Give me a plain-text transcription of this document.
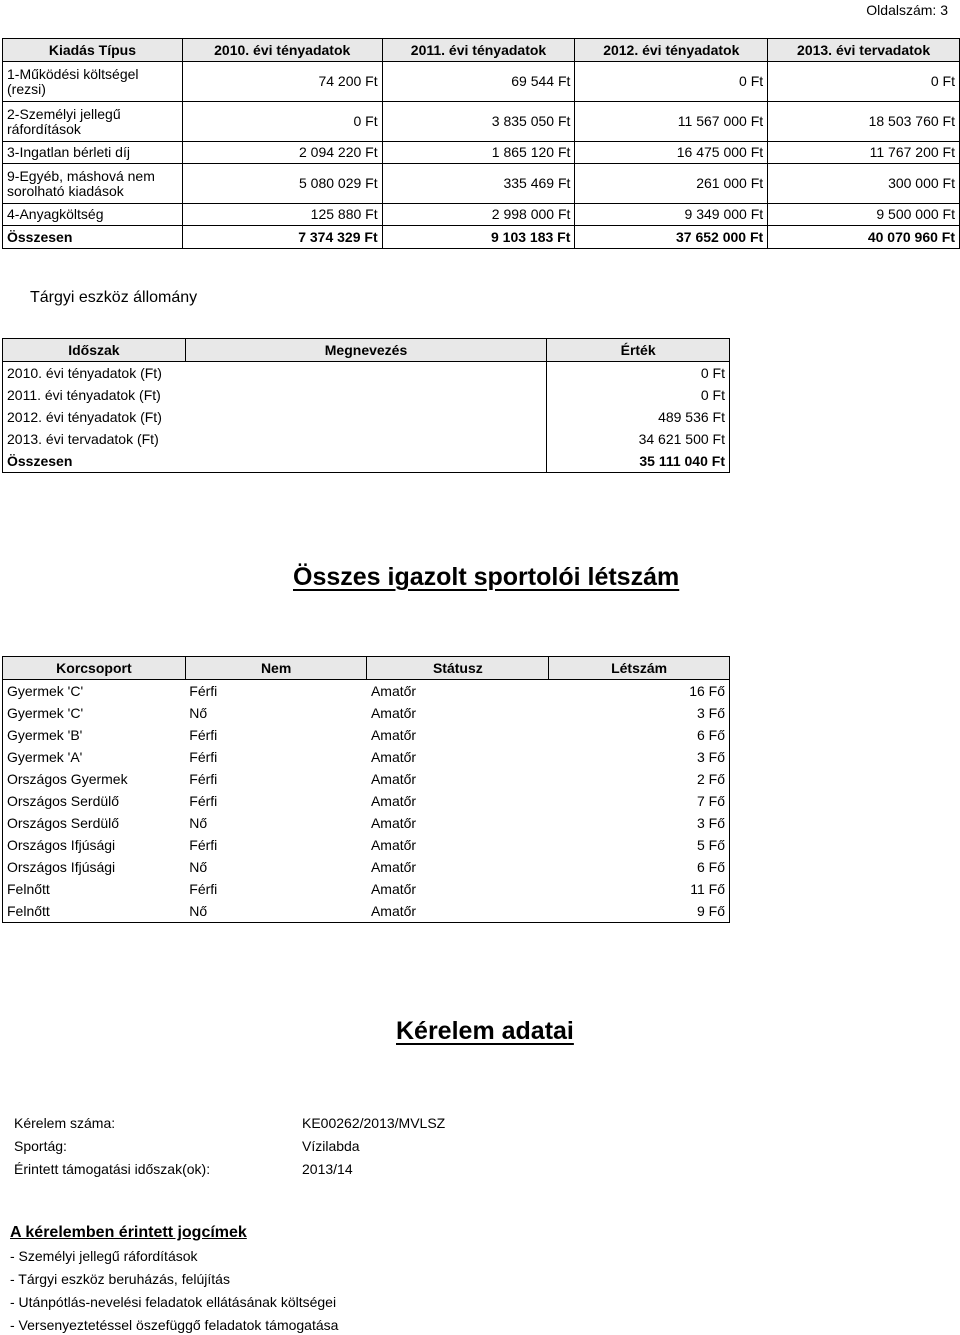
Oldalszám: 3
Kiadás Típus	2010. évi tényadatok	2011. évi tényadatok	2012. évi tényadatok	2013. évi tervadatok
1-Működési költségel
(rezsi)	74 200 Ft	69 544 Ft	0 Ft	0 Ft
2-Személyi jellegű
ráfordítások	0 Ft	3 835 050 Ft	11 567 000 Ft	18 503 760 Ft
3-Ingatlan bérleti díj	2 094 220 Ft	1 865 120 Ft	16 475 000 Ft	11 767 200 Ft
9-Egyéb, máshová nem
sorolható kiadások	5 080 029 Ft	335 469 Ft	261 000 Ft	300 000 Ft
4-Anyagköltség	125 880 Ft	2 998 000 Ft	9 349 000 Ft	9 500 000 Ft
Összesen	7 374 329 Ft	9 103 183 Ft	37 652 000 Ft	40 070 960 Ft
Tárgyi eszköz állomány
Időszak	Megnevezés	Érték
2010. évi tényadatok (Ft)		0 Ft
2011. évi tényadatok (Ft)		0 Ft
2012. évi tényadatok (Ft)		489 536 Ft
2013. évi tervadatok (Ft)		34 621 500 Ft
Összesen		35 111 040 Ft
Összes igazolt sportolói létszám
Korcsoport	Nem	Státusz	Létszám
Gyermek 'C'	Férfi	Amatőr	16 Fő
Gyermek 'C'	Nő	Amatőr	3 Fő
Gyermek 'B'	Férfi	Amatőr	6 Fő
Gyermek 'A'	Férfi	Amatőr	3 Fő
Országos Gyermek	Férfi	Amatőr	2 Fő
Országos Serdülő	Férfi	Amatőr	7 Fő
Országos Serdülő	Nő	Amatőr	3 Fő
Országos Ifjúsági	Férfi	Amatőr	5 Fő
Országos Ifjúsági	Nő	Amatőr	6 Fő
Felnőtt	Férfi	Amatőr	11 Fő
Felnőtt	Nő	Amatőr	9 Fő
Kérelem adatai
Kérelem száma:	KE00262/2013/MVLSZ
Sportág:	Vízilabda
Érintett támogatási időszak(ok):	2013/14
A kérelemben érintett jogcímek
- Személyi jellegű ráfordítások
- Tárgyi eszköz beruházás, felújítás
- Utánpótlás-nevelési feladatok ellátásának költségei
- Versenyeztetéssel öszefüggő feladatok támogatása
